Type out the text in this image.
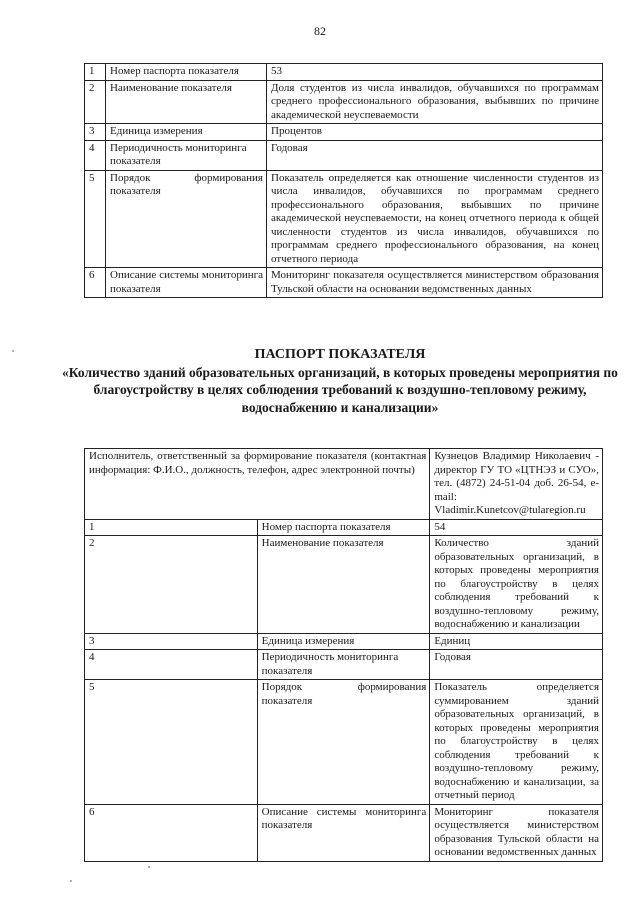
82
1	Номер паспорта показателя	53
2	Наименование показателя	Доля студентов из числа инвалидов, обучавшихся по программам среднего профессионального образования, выбывших по причине академической неуспеваемости
3	Единица измерения	Процентов
4	Периодичность мониторинга показателя	Годовая
5	Порядок формирования показателя	Показатель определяется как отношение численности студентов из числа инвалидов, обучавшихся по программам среднего профессионального образования, выбывших по причине академической неуспеваемости, на конец отчетного периода к общей численности студентов из числа инвалидов, обучавшихся по программам среднего профессионального образования, на конец отчетного периода
6	Описание системы мониторинга показателя	Мониторинг показателя осуществляется министерством образования Тульской области на основании ведомственных данных
ПАСПОРТ ПОКАЗАТЕЛЯ
«Количество зданий образовательных организаций, в которых проведены мероприятия по благоустройству в целях соблюдения требований к воздушно-тепловому режиму, водоснабжению и канализации»
Исполнитель, ответственный за формирование показателя (контактная информация: Ф.И.О., должность, телефон, адрес электронной почты)		Кузнецов Владимир Николаевич - директор ГУ ТО «ЦТНЭЗ и СУО», тел. (4872) 24-51-04 доб. 26-54, e-mail: Vladimir.Kunetcov@tularegion.ru
1	Номер паспорта показателя	54
2	Наименование показателя	Количество зданий образовательных организаций, в которых проведены мероприятия по благоустройству в целях соблюдения требований к воздушно-тепловому режиму, водоснабжению и канализации
3	Единица измерения	Единиц
4	Периодичность мониторинга показателя	Годовая
5	Порядок формирования показателя	Показатель определяется суммированием зданий образовательных организаций, в которых проведены мероприятия по благоустройству в целях соблюдения требований к воздушно-тепловому режиму, водоснабжению и канализации, за отчетный период
6	Описание системы мониторинга показателя	Мониторинг показателя осуществляется министерством образования Тульской области на основании ведомственных данных
